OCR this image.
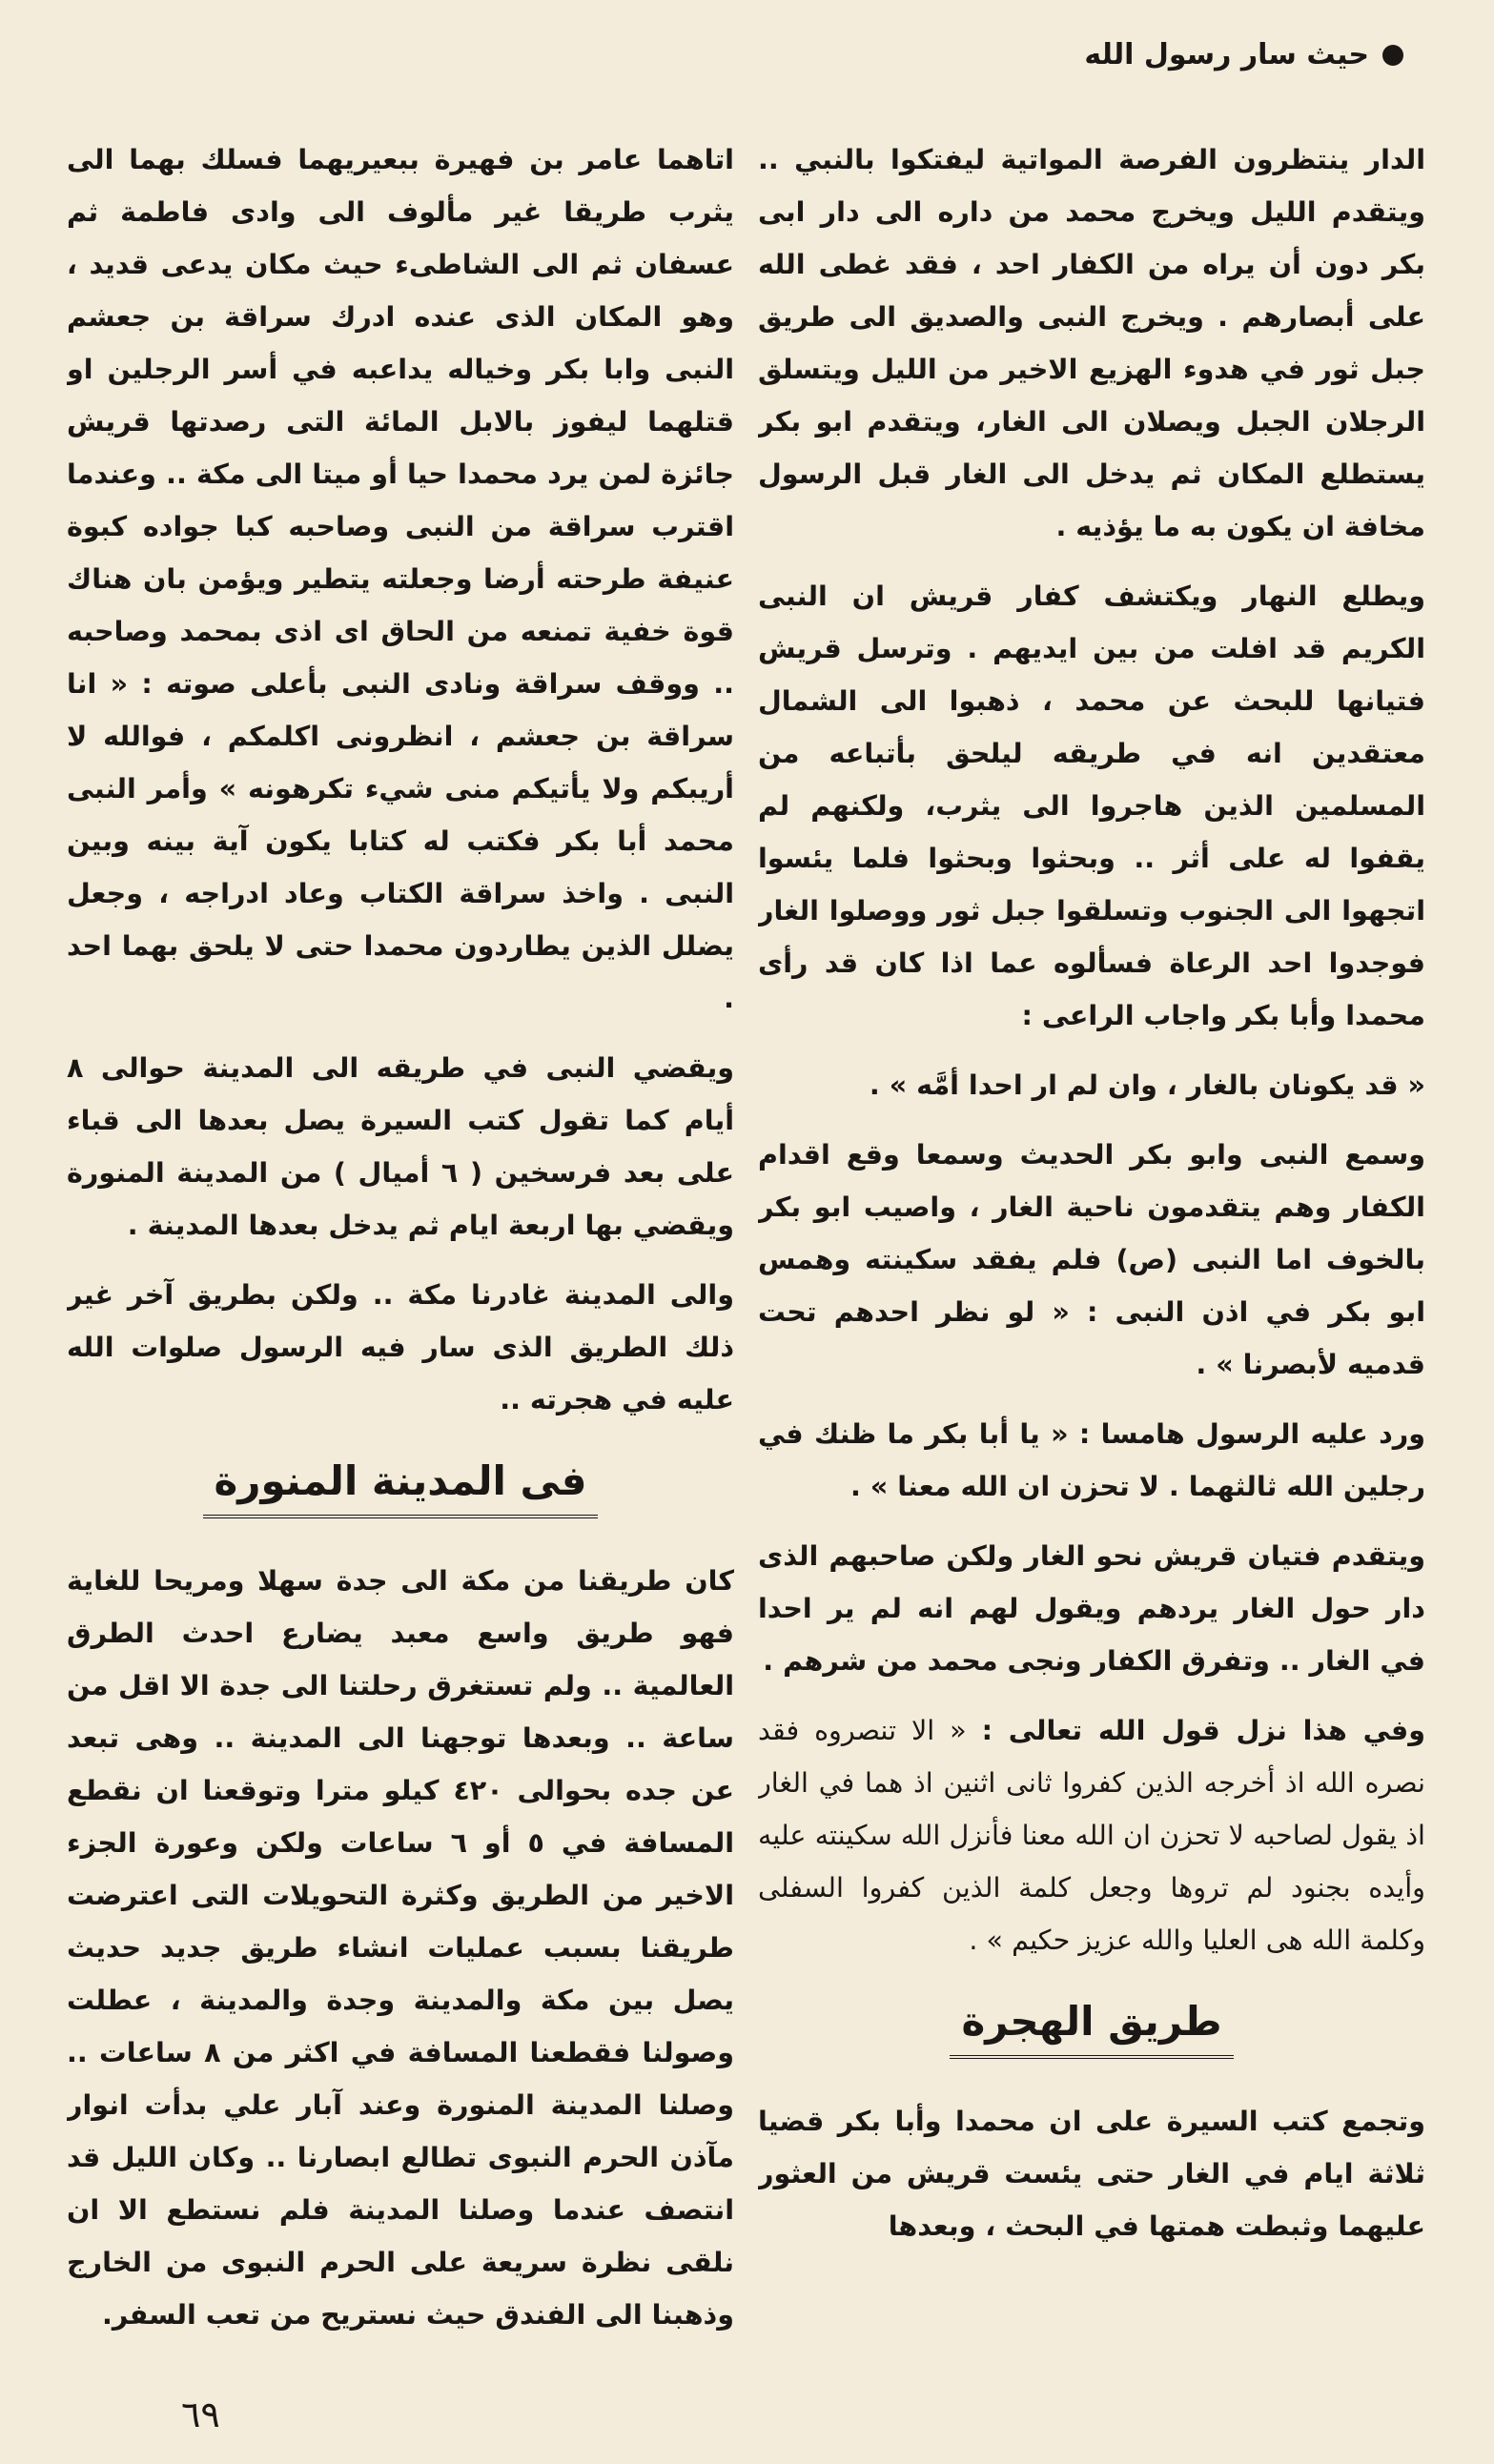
حيث سار رسول الله

الدار ينتظرون الفرصة المواتية ليفتكوا بالنبي .. ويتقدم الليل ويخرج محمد من داره الى دار ابى بكر دون أن يراه من الكفار احد ، فقد غطى الله على أبصارهم . ويخرج النبى والصديق الى طريق جبل ثور في هدوء الهزيع الاخير من الليل ويتسلق الرجلان الجبل ويصلان الى الغار، ويتقدم ابو بكر يستطلع المكان ثم يدخل الى الغار قبل الرسول مخافة ان يكون به ما يؤذيه .

ويطلع النهار ويكتشف كفار قريش ان النبى الكريم قد افلت من بين ايديهم . وترسل قريش فتيانها للبحث عن محمد ، ذهبوا الى الشمال معتقدين انه في طريقه ليلحق بأتباعه من المسلمين الذين هاجروا الى يثرب، ولكنهم لم يقفوا له على أثر .. وبحثوا وبحثوا فلما يئسوا اتجهوا الى الجنوب وتسلقوا جبل ثور ووصلوا الغار فوجدوا احد الرعاة فسألوه عما اذا كان قد رأى محمدا وأبا بكر واجاب الراعى :

« قد يكونان بالغار ، وان لم ار احدا أمَّه » .

وسمع النبى وابو بكر الحديث وسمعا وقع اقدام الكفار وهم يتقدمون ناحية الغار ، واصيب ابو بكر بالخوف اما النبى (ص) فلم يفقد سكينته وهمس ابو بكر في اذن النبى : « لو نظر احدهم تحت قدميه لأبصرنا » .

ورد عليه الرسول هامسا : « يا أبا بكر ما ظنك في رجلين الله ثالثهما . لا تحزن ان الله معنا » .

ويتقدم فتيان قريش نحو الغار ولكن صاحبهم الذى دار حول الغار يردهم ويقول لهم انه لم ير احدا في الغار .. وتفرق الكفار ونجى محمد من شرهم .

وفي هذا نزل قول الله تعالى : « الا تنصروه فقد نصره الله اذ أخرجه الذين كفروا ثانى اثنين اذ هما في الغار اذ يقول لصاحبه لا تحزن ان الله معنا فأنزل الله سكينته عليه وأيده بجنود لم تروها وجعل كلمة الذين كفروا السفلى وكلمة الله هى العليا والله عزيز حكيم » .

طريق الهجرة

وتجمع كتب السيرة على ان محمدا وأبا بكر قضيا ثلاثة ايام في الغار حتى يئست قريش من العثور عليهما وثبطت همتها في البحث ، وبعدها

اتاهما عامر بن فهيرة ببعيريهما فسلك بهما الى يثرب طريقا غير مألوف الى وادى فاطمة ثم عسفان ثم الى الشاطىء حيث مكان يدعى قديد ، وهو المكان الذى عنده ادرك سراقة بن جعشم النبى وابا بكر وخياله يداعبه في أسر الرجلين او قتلهما ليفوز بالابل المائة التى رصدتها قريش جائزة لمن يرد محمدا حيا أو ميتا الى مكة .. وعندما اقترب سراقة من النبى وصاحبه كبا جواده كبوة عنيفة طرحته أرضا وجعلته يتطير ويؤمن بان هناك قوة خفية تمنعه من الحاق اى اذى بمحمد وصاحبه .. ووقف سراقة ونادى النبى بأعلى صوته : « انا سراقة بن جعشم ، انظرونى اكلمكم ، فوالله لا أريبكم ولا يأتيكم منى شيء تكرهونه » وأمر النبى محمد أبا بكر فكتب له كتابا يكون آية بينه وبين النبى . واخذ سراقة الكتاب وعاد ادراجه ، وجعل يضلل الذين يطاردون محمدا حتى لا يلحق بهما احد .

ويقضي النبى في طريقه الى المدينة حوالى ٨ أيام كما تقول كتب السيرة يصل بعدها الى قباء على بعد فرسخين ( ٦ أميال ) من المدينة المنورة ويقضي بها اربعة ايام ثم يدخل بعدها المدينة .

والى المدينة غادرنا مكة .. ولكن بطريق آخر غير ذلك الطريق الذى سار فيه الرسول صلوات الله عليه في هجرته ..

فى المدينة المنورة

كان طريقنا من مكة الى جدة سهلا ومريحا للغاية فهو طريق واسع معبد يضارع احدث الطرق العالمية .. ولم تستغرق رحلتنا الى جدة الا اقل من ساعة .. وبعدها توجهنا الى المدينة .. وهى تبعد عن جده بحوالى ٤٢٠ كيلو مترا وتوقعنا ان نقطع المسافة في ٥ أو ٦ ساعات ولكن وعورة الجزء الاخير من الطريق وكثرة التحويلات التى اعترضت طريقنا بسبب عمليات انشاء طريق جديد حديث يصل بين مكة والمدينة وجدة والمدينة ، عطلت وصولنا فقطعنا المسافة في اكثر من ٨ ساعات .. وصلنا المدينة المنورة وعند آبار علي بدأت انوار مآذن الحرم النبوى تطالع ابصارنا .. وكان الليل قد انتصف عندما وصلنا المدينة فلم نستطع الا ان نلقى نظرة سريعة على الحرم النبوى من الخارج وذهبنا الى الفندق حيث نستريح من تعب السفر.

٦٩
